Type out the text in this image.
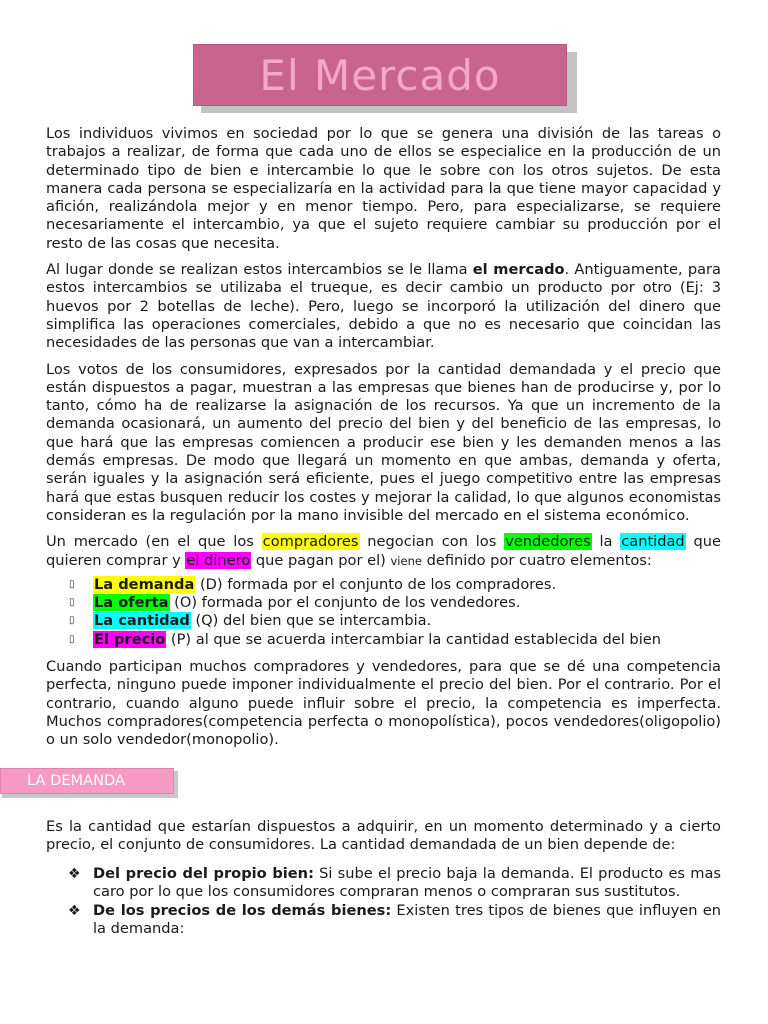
El Mercado

Los individuos vivimos en sociedad por lo que se genera una división de las tareas o trabajos a realizar, de forma que cada uno de ellos se especialice en la producción de un determinado tipo de bien e intercambie lo que le sobre con los otros sujetos. De esta manera cada persona se especializaría en la actividad para la que tiene mayor capacidad y afición, realizándola mejor y en menor tiempo. Pero, para especializarse, se requiere necesariamente el intercambio, ya que el sujeto requiere cambiar su producción por el resto de las cosas que necesita.

Al lugar donde se realizan estos intercambios se le llama el mercado. Antiguamente, para estos intercambios se utilizaba el trueque, es decir cambio un producto por otro (Ej: 3 huevos por 2 botellas de leche). Pero, luego se incorporó la utilización del dinero que simplifica las operaciones comerciales, debido a que no es necesario que coincidan las necesidades de las personas que van a intercambiar.

Los votos de los consumidores, expresados por la cantidad demandada y el precio que están dispuestos a pagar, muestran a las empresas que bienes han de producirse y, por lo tanto, cómo ha de realizarse la asignación de los recursos. Ya que un incremento de la demanda ocasionará, un aumento del precio del bien y del beneficio de las empresas, lo que hará que las empresas comiencen a producir ese bien y les demanden menos a las demás empresas. De modo que llegará un momento en que ambas, demanda y oferta, serán iguales y la asignación será eficiente, pues el juego competitivo entre las empresas hará que estas busquen reducir los costes y mejorar la calidad, lo que algunos economistas consideran es la regulación por la mano invisible del mercado en el sistema económico.

Un mercado (en el que los compradores negocian con los vendedores la cantidad que quieren comprar y el dinero que pagan por el) viene definido por cuatro elementos:

▯ La demanda (D) formada por el conjunto de los compradores.
▯ La oferta (O) formada por el conjunto de los vendedores.
▯ La cantidad (Q) del bien que se intercambia.
▯ El precio (P) al que se acuerda intercambiar la cantidad establecida del bien

Cuando participan muchos compradores y vendedores, para que se dé una competencia perfecta, ninguno puede imponer individualmente el precio del bien. Por el contrario. Por el contrario, cuando alguno puede influir sobre el precio, la competencia es imperfecta. Muchos compradores(competencia perfecta o monopolística), pocos vendedores(oligopolio) o un solo vendedor(monopolio).

LA DEMANDA

Es la cantidad que estarían dispuestos a adquirir, en un momento determinado y a cierto precio, el conjunto de consumidores. La cantidad demandada de un bien depende de:

❖ Del precio del propio bien: Si sube el precio baja la demanda. El producto es mas caro por lo que los consumidores compraran menos o compraran sus sustitutos.
❖ De los precios de los demás bienes: Existen tres tipos de bienes que influyen en la demanda:
